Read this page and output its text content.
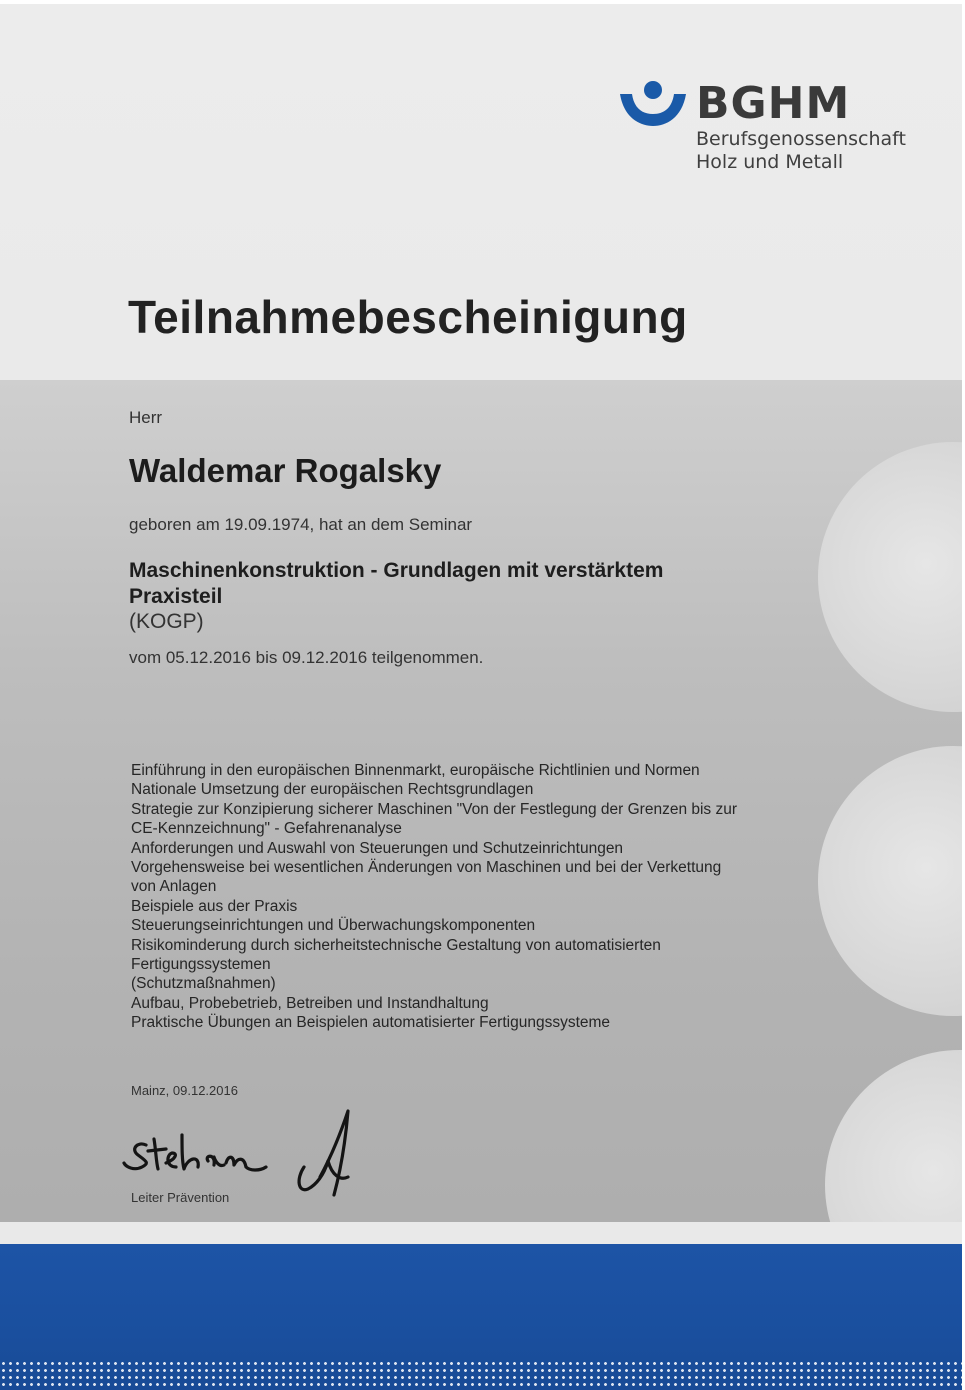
BGHM
Berufsgenossenschaft
Holz und Metall
Teilnahmebescheinigung
Herr
Waldemar Rogalsky
geboren am 19.09.1974, hat an dem Seminar
Maschinenkonstruktion - Grundlagen mit verstärktem
Praxisteil
(KOGP)
vom 05.12.2016 bis 09.12.2016 teilgenommen.
Einführung in den europäischen Binnenmarkt, europäische Richtlinien und Normen
Nationale Umsetzung der europäischen Rechtsgrundlagen
Strategie zur Konzipierung sicherer Maschinen "Von der Festlegung der Grenzen bis zur
CE-Kennzeichnung" - Gefahrenanalyse
Anforderungen und Auswahl von Steuerungen und Schutzeinrichtungen
Vorgehensweise bei wesentlichen Änderungen von Maschinen und bei der Verkettung
von Anlagen
Beispiele aus der Praxis
Steuerungseinrichtungen und Überwachungskomponenten
Risikominderung durch sicherheitstechnische Gestaltung von automatisierten
Fertigungssystemen
(Schutzmaßnahmen)
Aufbau, Probebetrieb, Betreiben und Instandhaltung
Praktische Übungen an Beispielen automatisierter Fertigungssysteme
Mainz, 09.12.2016
Leiter Prävention
